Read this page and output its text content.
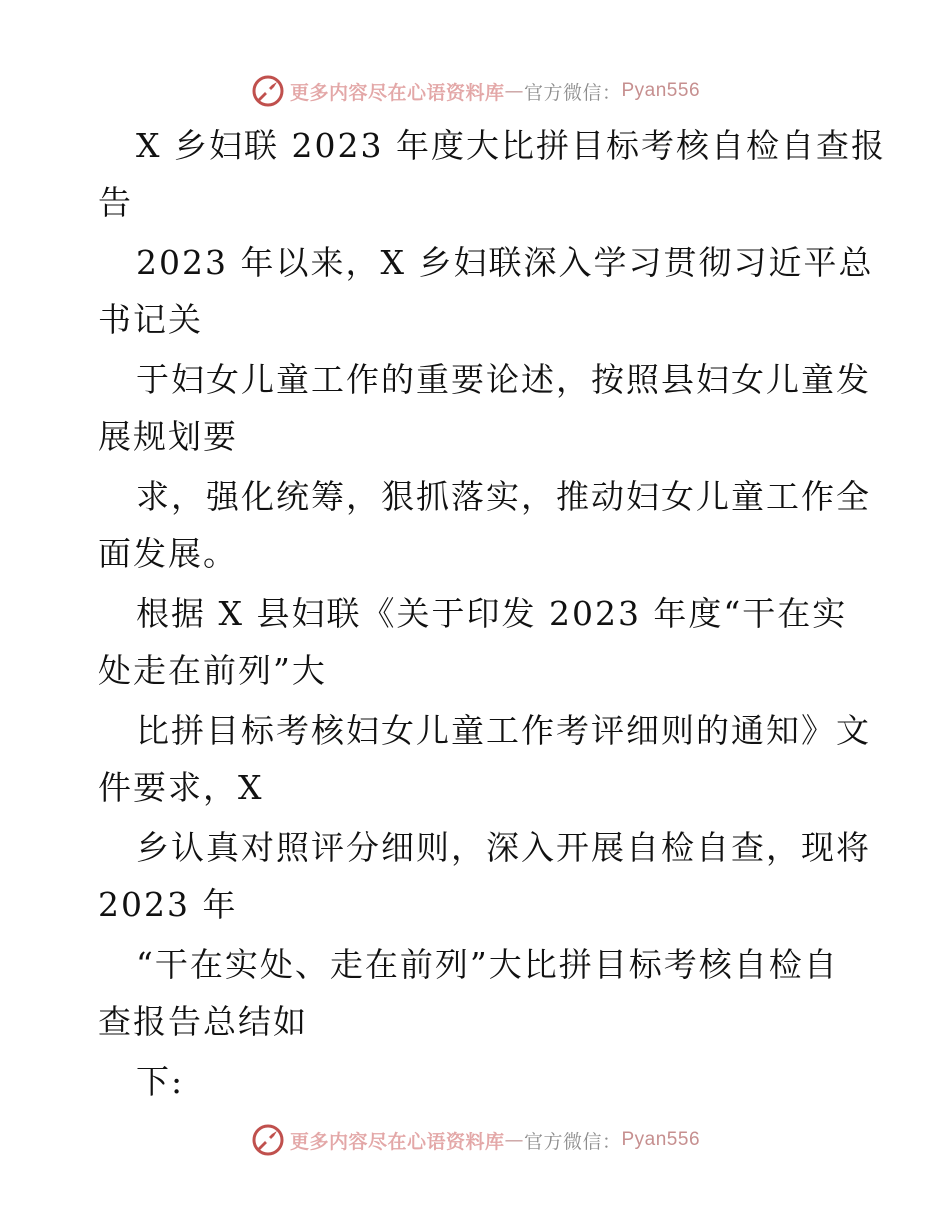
更多内容尽在心语资料库 — 官方微信： Pyan556
X 乡妇联 2023 年度大比拼目标考核自检自查报
告
2023 年以来，X 乡妇联深入学习贯彻习近平总
书记关
于妇女儿童工作的重要论述，按照县妇女儿童发
展规划要
求，强化统筹，狠抓落实，推动妇女儿童工作全
面发展。
根据 X 县妇联《关于印发 2023 年度“干在实
处走在前列”大
比拼目标考核妇女儿童工作考评细则的通知》文
件要求，X
乡认真对照评分细则，深入开展自检自查，现将
2023 年
“干在实处、走在前列”大比拼目标考核自检自
查报告总结如
下:
更多内容尽在心语资料库 — 官方微信： Pyan556
